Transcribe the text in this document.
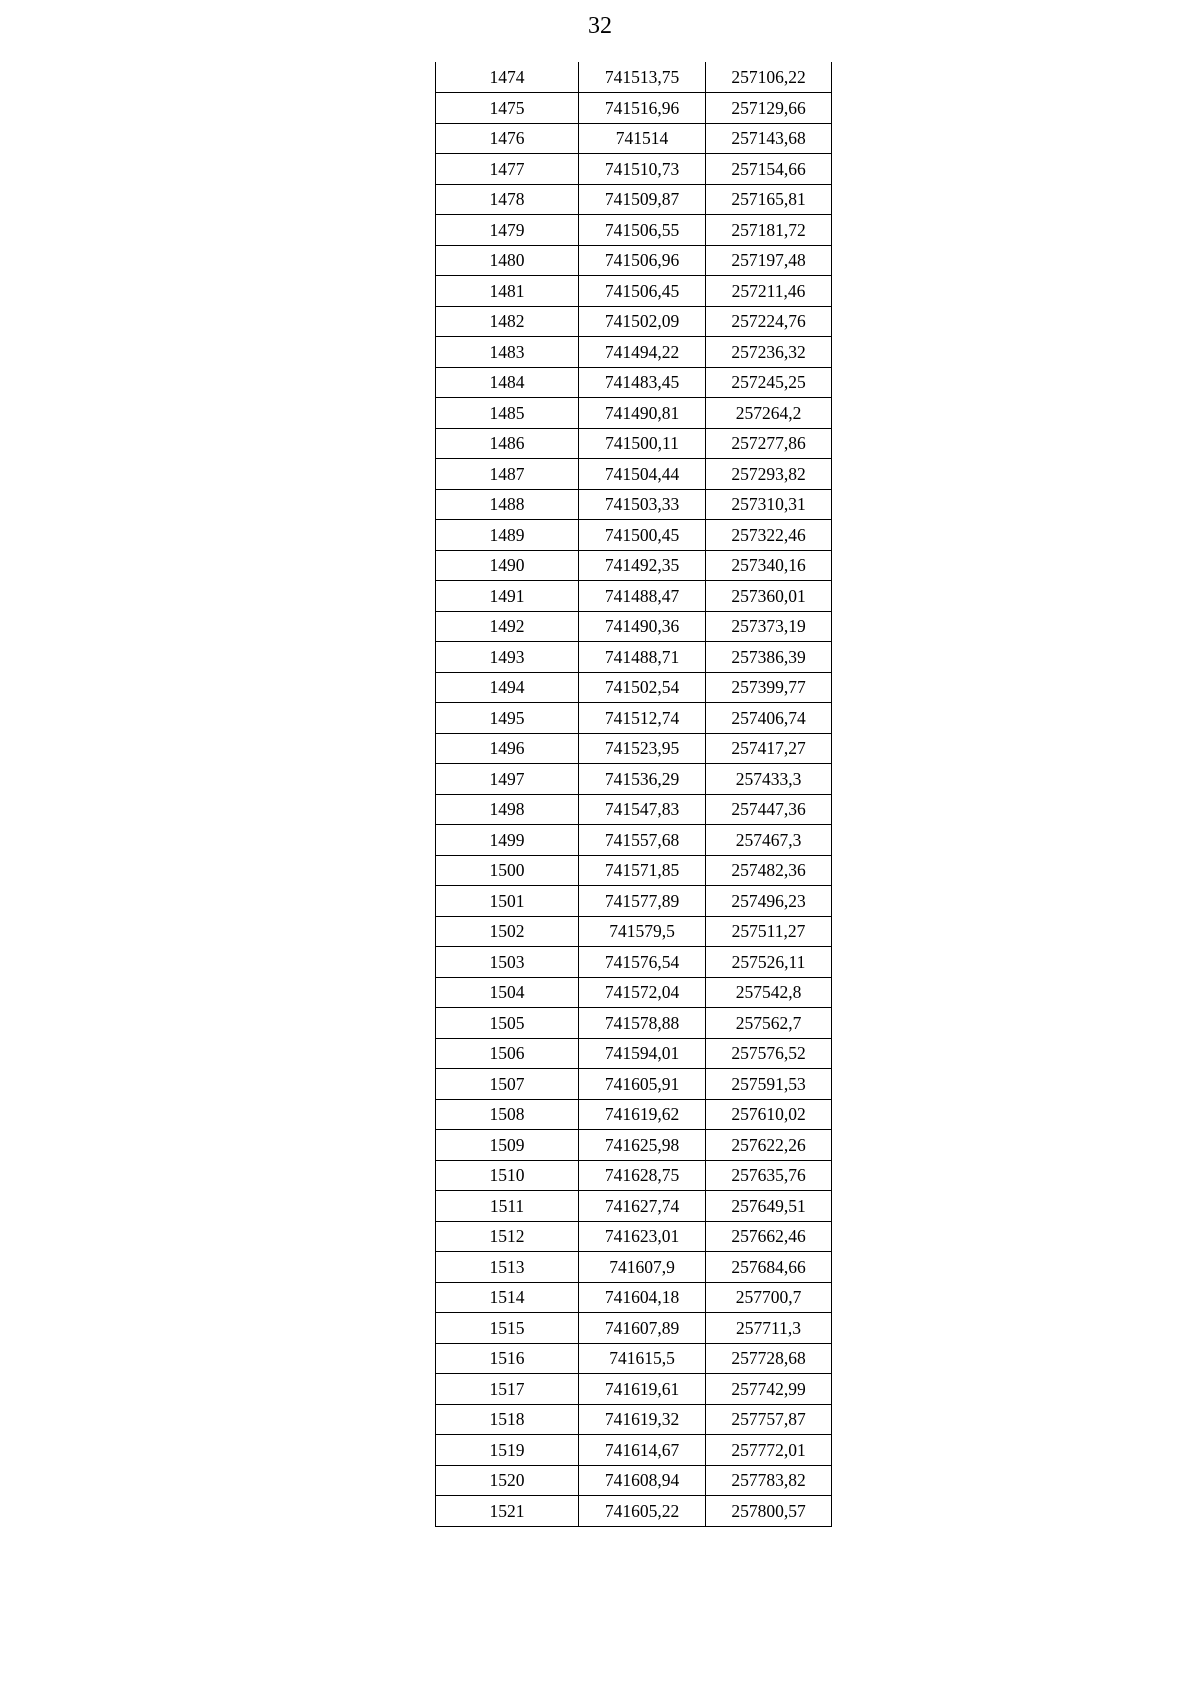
32
1474	741513,75	257106,22
1475	741516,96	257129,66
1476	741514	257143,68
1477	741510,73	257154,66
1478	741509,87	257165,81
1479	741506,55	257181,72
1480	741506,96	257197,48
1481	741506,45	257211,46
1482	741502,09	257224,76
1483	741494,22	257236,32
1484	741483,45	257245,25
1485	741490,81	257264,2
1486	741500,11	257277,86
1487	741504,44	257293,82
1488	741503,33	257310,31
1489	741500,45	257322,46
1490	741492,35	257340,16
1491	741488,47	257360,01
1492	741490,36	257373,19
1493	741488,71	257386,39
1494	741502,54	257399,77
1495	741512,74	257406,74
1496	741523,95	257417,27
1497	741536,29	257433,3
1498	741547,83	257447,36
1499	741557,68	257467,3
1500	741571,85	257482,36
1501	741577,89	257496,23
1502	741579,5	257511,27
1503	741576,54	257526,11
1504	741572,04	257542,8
1505	741578,88	257562,7
1506	741594,01	257576,52
1507	741605,91	257591,53
1508	741619,62	257610,02
1509	741625,98	257622,26
1510	741628,75	257635,76
1511	741627,74	257649,51
1512	741623,01	257662,46
1513	741607,9	257684,66
1514	741604,18	257700,7
1515	741607,89	257711,3
1516	741615,5	257728,68
1517	741619,61	257742,99
1518	741619,32	257757,87
1519	741614,67	257772,01
1520	741608,94	257783,82
1521	741605,22	257800,57
